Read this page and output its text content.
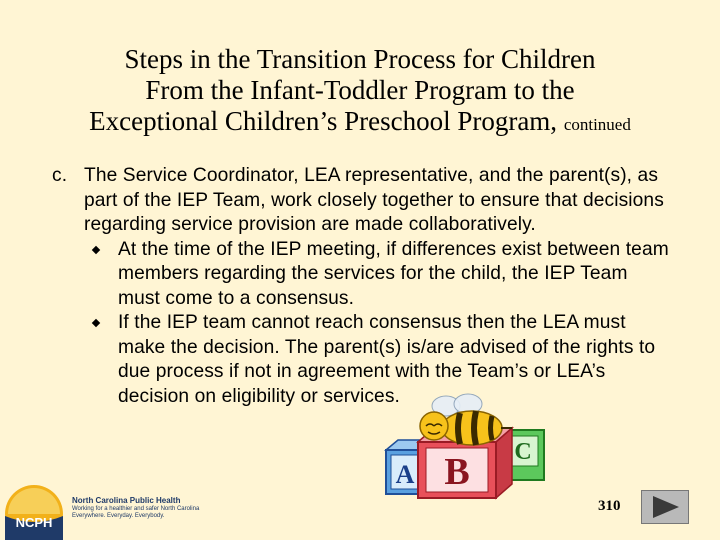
Steps in the Transition Process for Children
From the Infant-Toddler Program to the
Exceptional Children’s Preschool Program, continued
c. The Service Coordinator, LEA representative, and the parent(s), as part of the IEP Team, work closely together to ensure that decisions regarding service provision are made collaboratively.
At the time of the IEP meeting, if differences exist between team members regarding the services for the child, the IEP Team must come to a consensus.
If the IEP team cannot reach consensus then the LEA must make the decision. The parent(s) is/are advised of the rights to due process if not in agreement with the Team’s or LEA’s decision on eligibility or services.
C
A B
NCPH
North Carolina Public Health
Working for a healthier and safer North Carolina
Everywhere. Everyday. Everybody.
310
